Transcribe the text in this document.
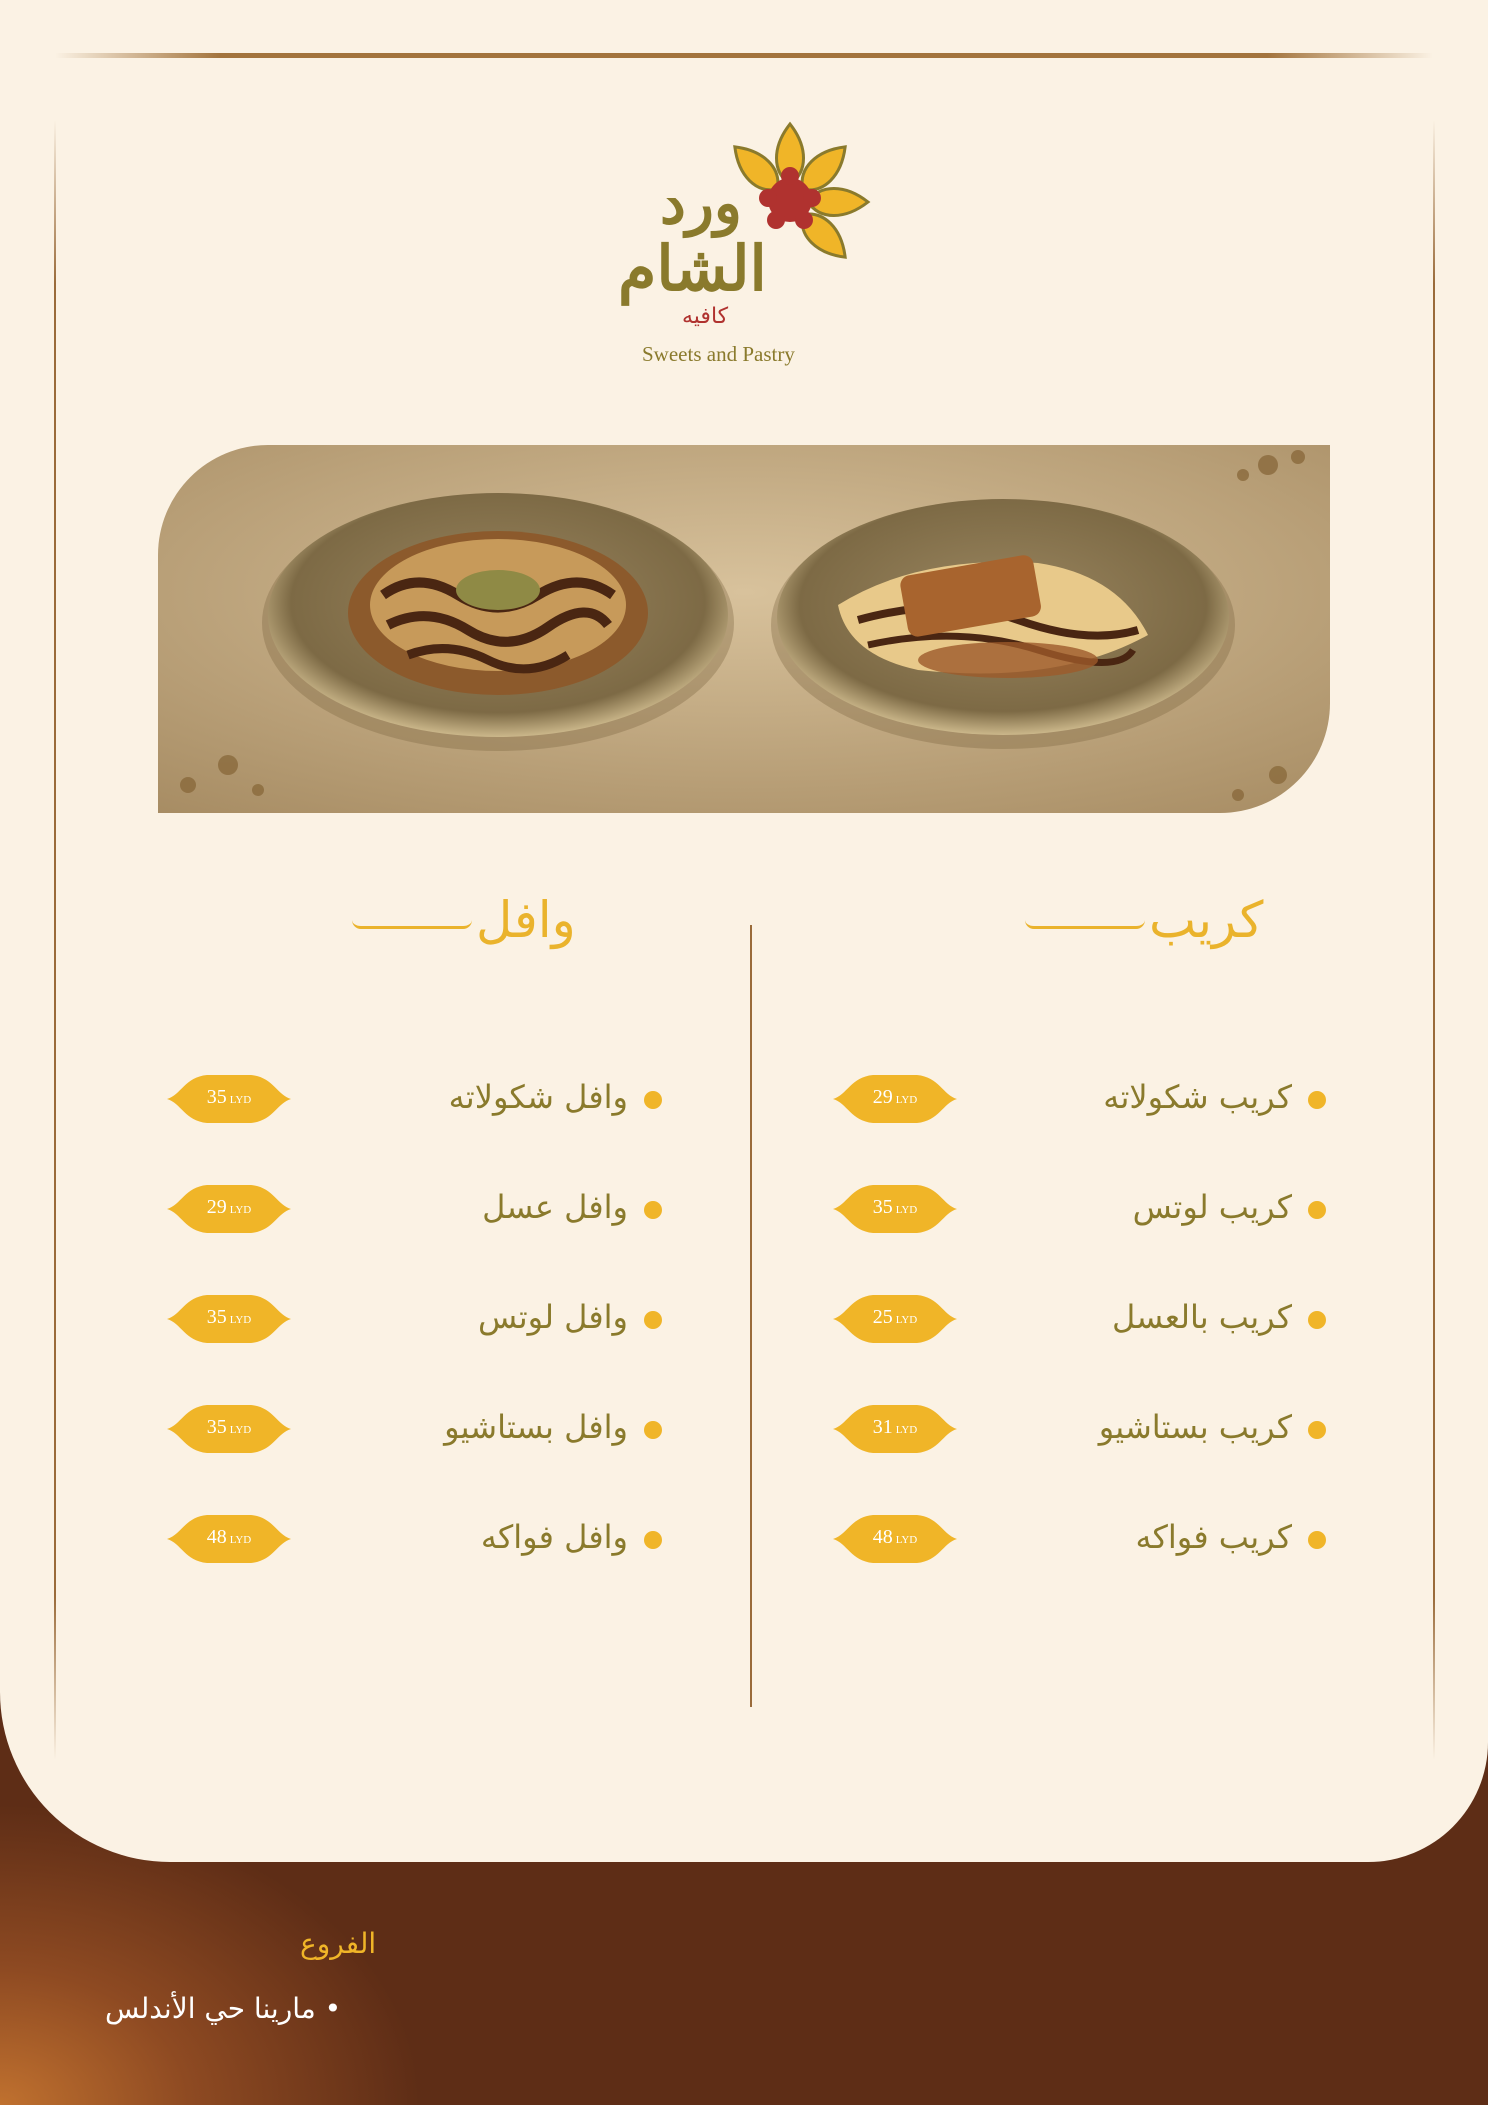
ورد
الشام
كافيه
Sweets and Pastry
كريب
وافل
كريب شكولاته
29 LYD
كريب لوتس
35 LYD
كريب بالعسل
25 LYD
كريب بستاشيو
31 LYD
كريب فواكه
48 LYD
وافل شكولاته
35 LYD
وافل عسل
29 LYD
وافل لوتس
35 LYD
وافل بستاشيو
35 LYD
وافل فواكه
48 LYD
الفروع
• مارينا حي الأندلس
